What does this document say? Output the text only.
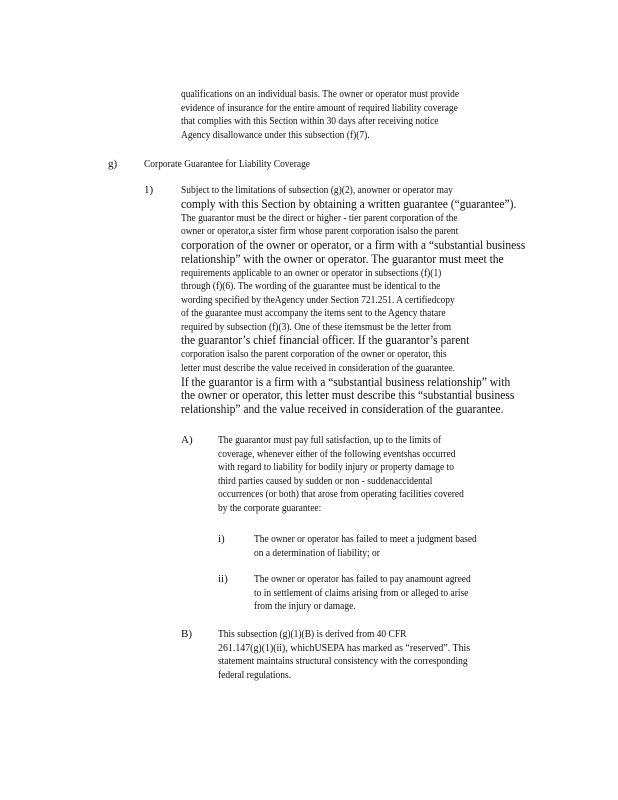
qualifications on an individual basis. The owner or operator must provide
evidence of insurance for the entire amount of required liability coverage
that complies with this Section within 30 days after receiving notice
Agency disallowance under this subsection (f)(7).
g) Corporate Guarantee for Liability Coverage
1)	Subject to the limitations of subsection (g)(2), anowner or operator may
comply with this Section by obtaining a written guarantee (“guarantee”).
The guarantor must be the direct or higher - tier parent corporation of the
owner or operator,a sister firm whose parent corporation isalso the parent
corporation of the owner or operator, or a firm with a “substantial business
relationship” with the owner or operator. The guarantor must meet the
requirements applicable to an owner or operator in subsections (f)(1)
through (f)(6). The wording of the guarantee must be identical to the
wording specified by theAgency under Section 721.251. A certifiedcopy
of the guarantee must accompany the items sent to the Agency thatare
required by subsection (f)(3). One of these itemsmust be the letter from
the guarantor’s chief financial officer. If the guarantor’s parent
corporation isalso the parent corporation of the owner or operator, this
letter must describe the value received in consideration of the guarantee.
If the guarantor is a firm with a “substantial business relationship” with
the owner or operator, this letter must describe this “substantial business
relationship” and the value received in consideration of the guarantee.
A) The guarantor must pay full satisfaction, up to the limits of
coverage, whenever either of the following eventshas occurred
with regard to liability for bodily injury or property damage to
third parties caused by sudden or non - suddenaccidental
occurrences (or both) that arose from operating facilities covered
by the corporate guarantee:
i)	The owner or operator has failed to meet a judgment based
on a determination of liability; or
ii) The owner or operator has failed to pay anamount agreed
to in settlement of claims arising from or alleged to arise
from the injury or damage.
B) This subsection (g)(1)(B) is derived from 40 CFR
261.147(g)(1)(ii), whichUSEPA has marked as “reserved”. This
statement maintains structural consistency with the corresponding
federal regulations.
